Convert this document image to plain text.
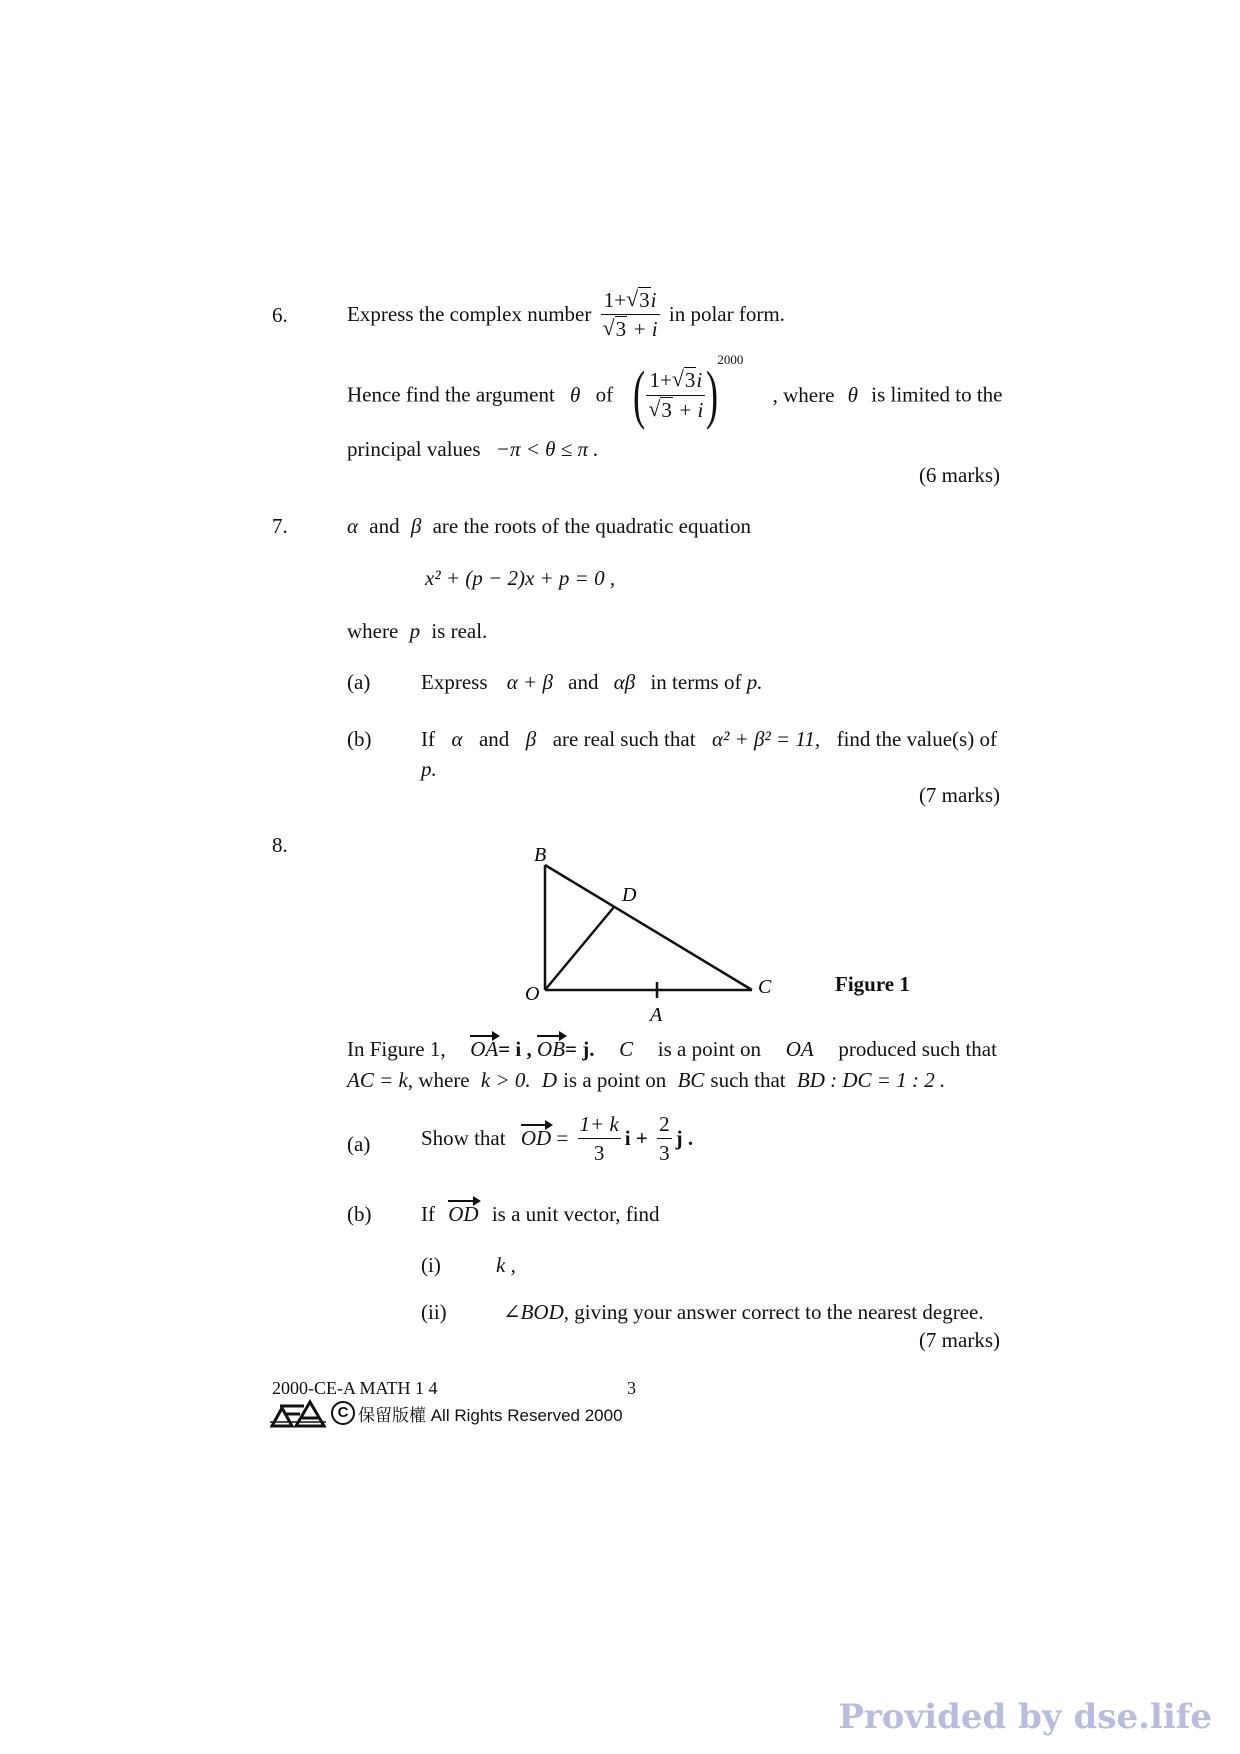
6.	Express the complex number 1+ √ 3i
√ 3 + i in polar form.
Hence find the argument θ of ( 1+ √ 3i
√ 3 + i )$^{2000}$ , where θ is limited to the
principal values −π < θ ≤ π .
(6 marks)
7.	α and β are the roots of the quadratic equation
x² + (p − 2)x + p = 0 ,
where p is real.
(a) Express α + β and αβ in terms of p.
(b) If α and β are real such that α² + β² = 11, find the value(s) of
p.
(7 marks)
8.	B
D
O	C
A
Figure 1
In Figure 1, OA= i , OB= j. C is a point on OA produced such that
AC = k, where k > 0. D is a point on BC such that BD : DC = 1 : 2 .
(a) Show that OD = $\frac{1+ k}{3}$ $i + \frac{2}{3}$ j .
(b) If OD is a unit vector, find
(i)	k ,
(ii)	∠BOD, giving your answer correct to the nearest degree.
(7 marks)
2000-CE-A MATH 1 4	3
C 保留版權 All Rights Reserved 2000
Provided by dse.life
